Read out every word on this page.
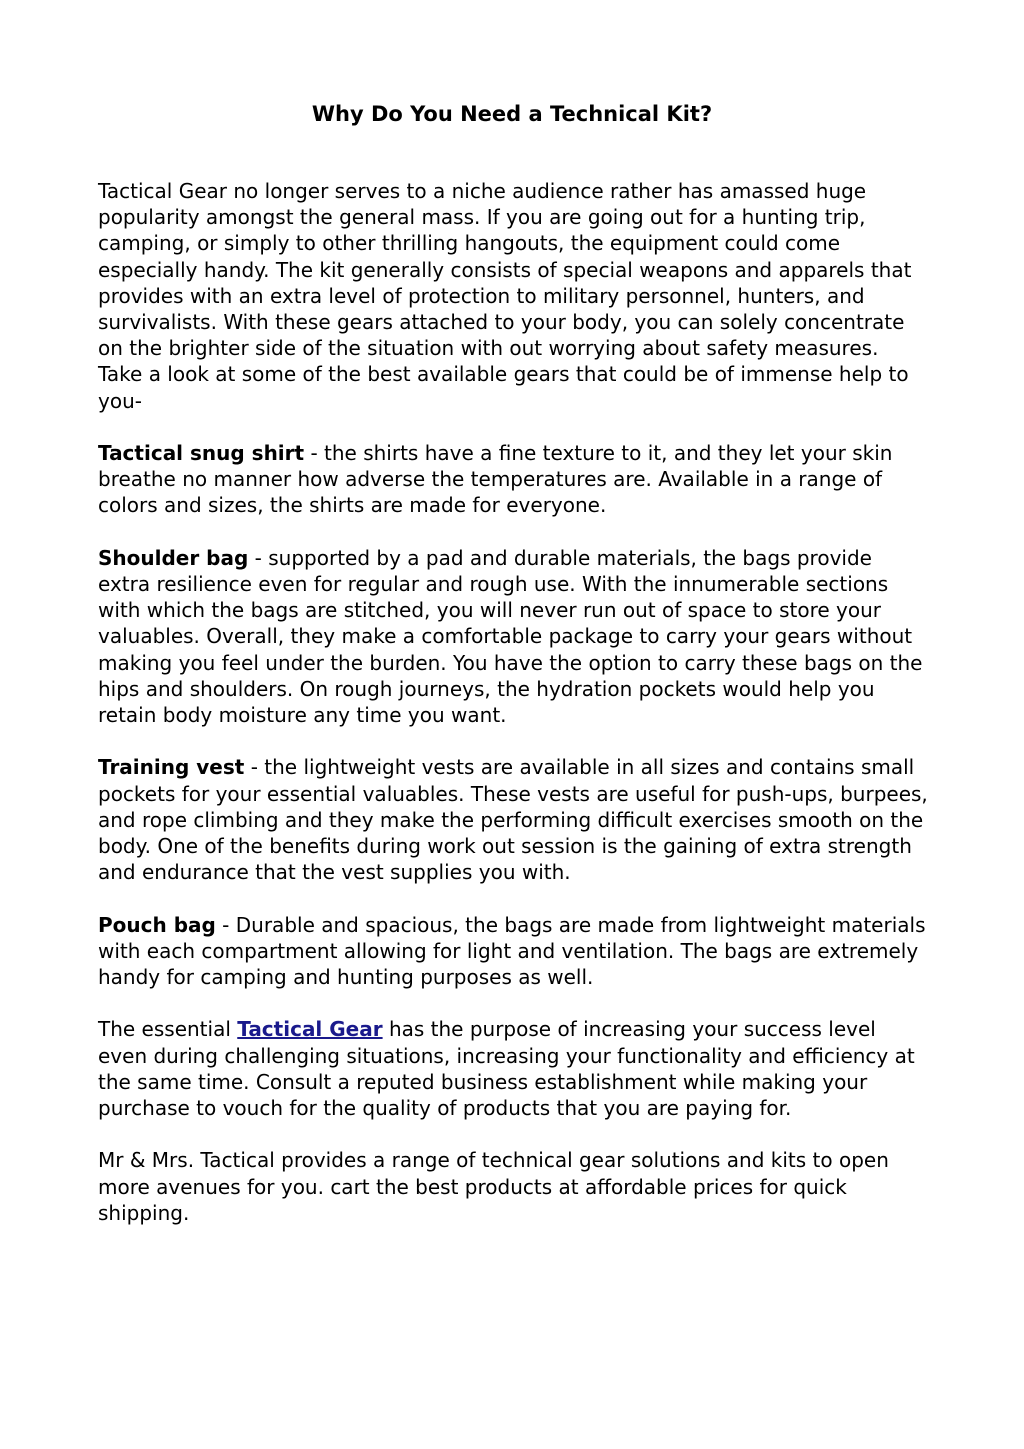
Why Do You Need a Technical Kit?

Tactical Gear no longer serves to a niche audience rather has amassed huge popularity amongst the general mass. If you are going out for a hunting trip, camping, or simply to other thrilling hangouts, the equipment could come especially handy. The kit generally consists of special weapons and apparels that provides with an extra level of protection to military personnel, hunters, and survivalists. With these gears attached to your body, you can solely concentrate on the brighter side of the situation with out worrying about safety measures. Take a look at some of the best available gears that could be of immense help to you-

Tactical snug shirt - the shirts have a fine texture to it, and they let your skin breathe no manner how adverse the temperatures are. Available in a range of colors and sizes, the shirts are made for everyone.

Shoulder bag - supported by a pad and durable materials, the bags provide extra resilience even for regular and rough use. With the innumerable sections with which the bags are stitched, you will never run out of space to store your valuables. Overall, they make a comfortable package to carry your gears without making you feel under the burden. You have the option to carry these bags on the hips and shoulders. On rough journeys, the hydration pockets would help you retain body moisture any time you want.

Training vest - the lightweight vests are available in all sizes and contains small pockets for your essential valuables. These vests are useful for push-ups, burpees, and rope climbing and they make the performing difficult exercises smooth on the body. One of the benefits during work out session is the gaining of extra strength and endurance that the vest supplies you with.

Pouch bag - Durable and spacious, the bags are made from lightweight materials with each compartment allowing for light and ventilation. The bags are extremely handy for camping and hunting purposes as well.

The essential Tactical Gear has the purpose of increasing your success level even during challenging situations, increasing your functionality and efficiency at the same time. Consult a reputed business establishment while making your purchase to vouch for the quality of products that you are paying for.

Mr & Mrs. Tactical provides a range of technical gear solutions and kits to open more avenues for you. cart the best products at affordable prices for quick shipping.
